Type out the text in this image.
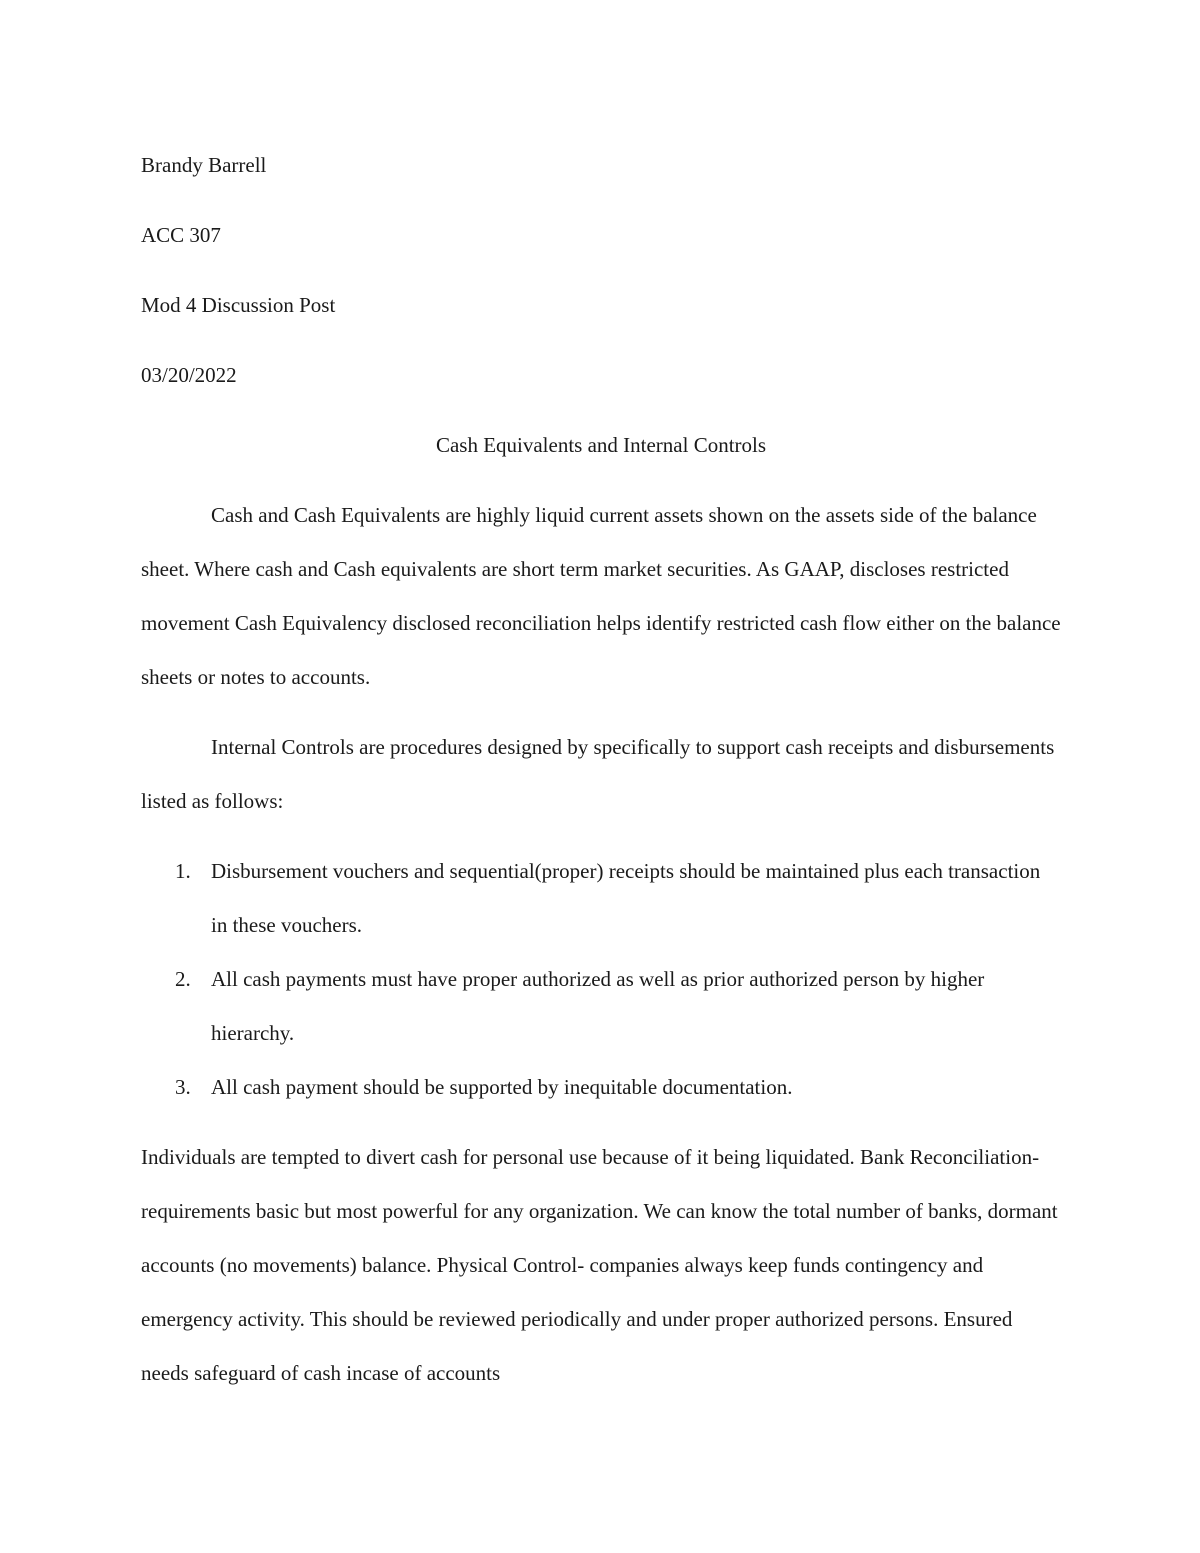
Brandy Barrell
ACC 307
Mod 4 Discussion Post
03/20/2022
Cash Equivalents and Internal Controls

Cash and Cash Equivalents are highly liquid current assets shown on the assets side of the balance sheet. Where cash and Cash equivalents are short term market securities. As GAAP, discloses restricted movement Cash Equivalency disclosed reconciliation helps identify restricted cash flow either on the balance sheets or notes to accounts.

Internal Controls are procedures designed by specifically to support cash receipts and disbursements listed as follows:

1. Disbursement vouchers and sequential(proper) receipts should be maintained plus each transaction in these vouchers.
2. All cash payments must have proper authorized as well as prior authorized person by higher hierarchy.
3. All cash payment should be supported by inequitable documentation.

Individuals are tempted to divert cash for personal use because of it being liquidated. Bank Reconciliation- requirements basic but most powerful for any organization. We can know the total number of banks, dormant accounts (no movements) balance. Physical Control- companies always keep funds contingency and emergency activity. This should be reviewed periodically and under proper authorized persons. Ensured needs safeguard of cash incase of accounts
